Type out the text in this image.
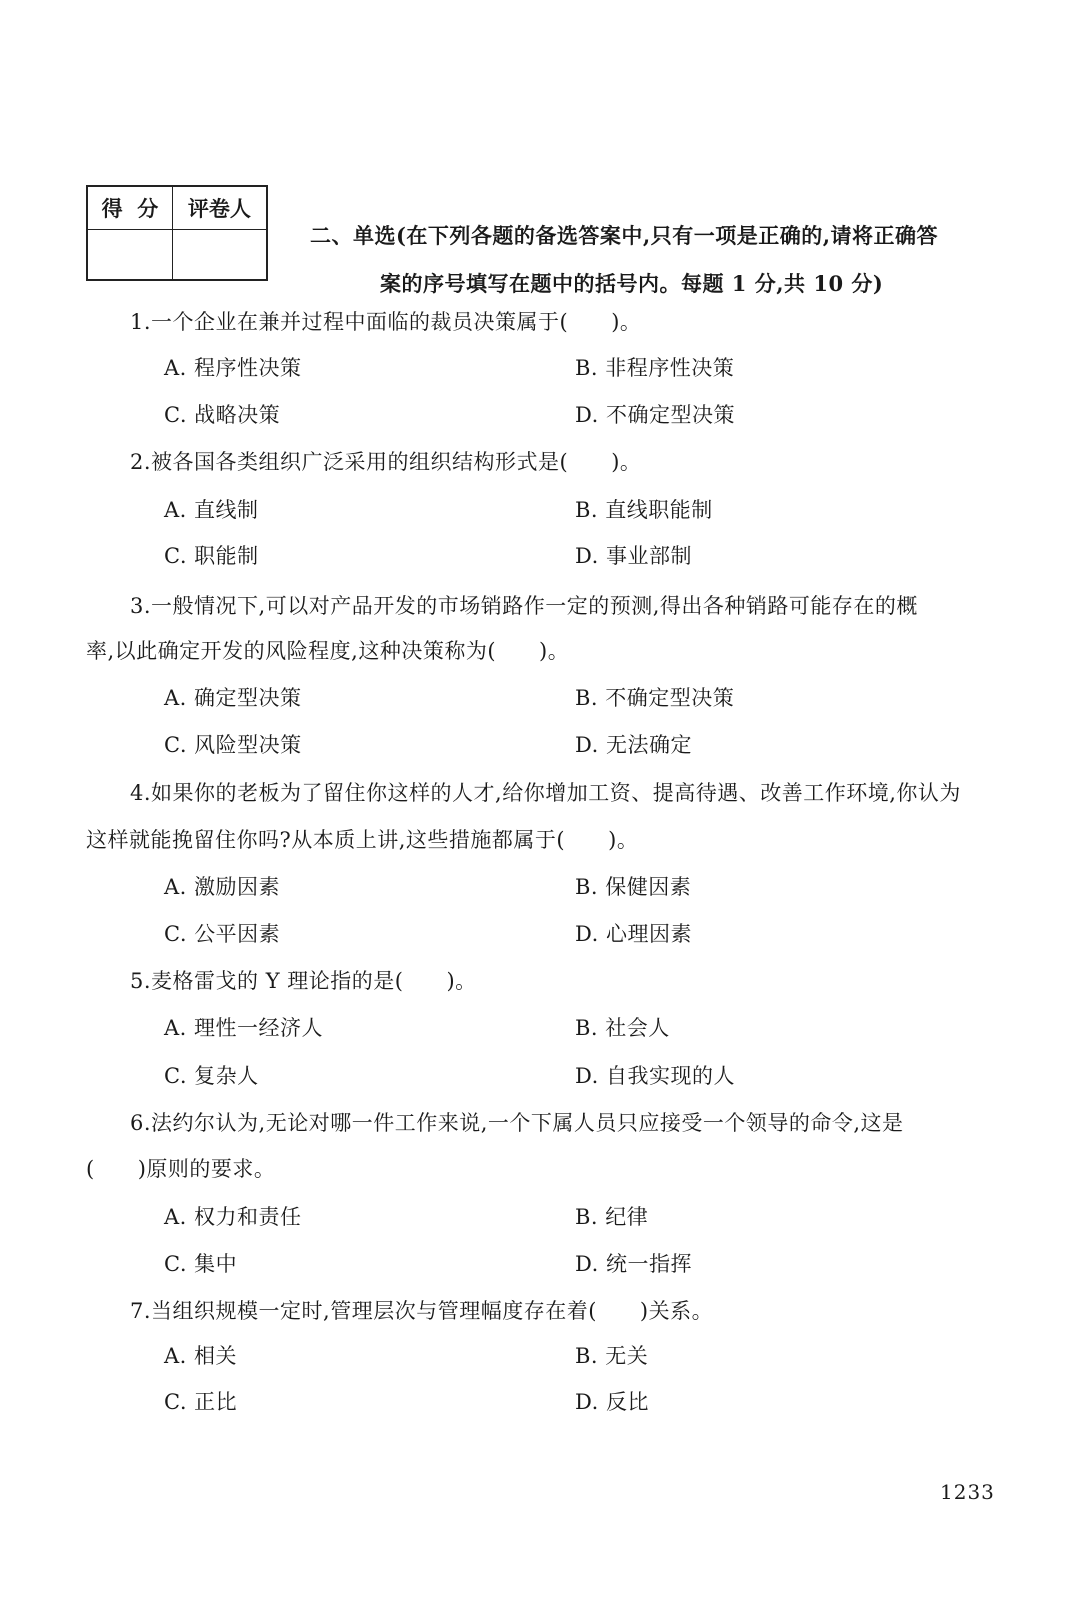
得  分	评卷人

二、单选(在下列各题的备选答案中,只有一项是正确的,请将正确答
案的序号填写在题中的括号内。每题 1 分,共 10 分)
1.一个企业在兼并过程中面临的裁员决策属于(　　)。
A. 程序性决策	B. 非程序性决策
C. 战略决策	D. 不确定型决策
2.被各国各类组织广泛采用的组织结构形式是(　　)。
A. 直线制	B. 直线职能制
C. 职能制	D. 事业部制
3.一般情况下,可以对产品开发的市场销路作一定的预测,得出各种销路可能存在的概
率,以此确定开发的风险程度,这种决策称为(　　)。
A. 确定型决策	B. 不确定型决策
C. 风险型决策	D. 无法确定
4.如果你的老板为了留住你这样的人才,给你增加工资、提高待遇、改善工作环境,你认为
这样就能挽留住你吗?从本质上讲,这些措施都属于(　　)。
A. 激励因素	B. 保健因素
C. 公平因素	D. 心理因素
5.麦格雷戈的 Y 理论指的是(　　)。
A. 理性一经济人	B. 社会人
C. 复杂人	D. 自我实现的人
6.法约尔认为,无论对哪一件工作来说,一个下属人员只应接受一个领导的命令,这是
(　　)原则的要求。
A. 权力和责任	B. 纪律
C. 集中	D. 统一指挥
7.当组织规模一定时,管理层次与管理幅度存在着(　　)关系。
A. 相关	B. 无关
C. 正比	D. 反比
1233
